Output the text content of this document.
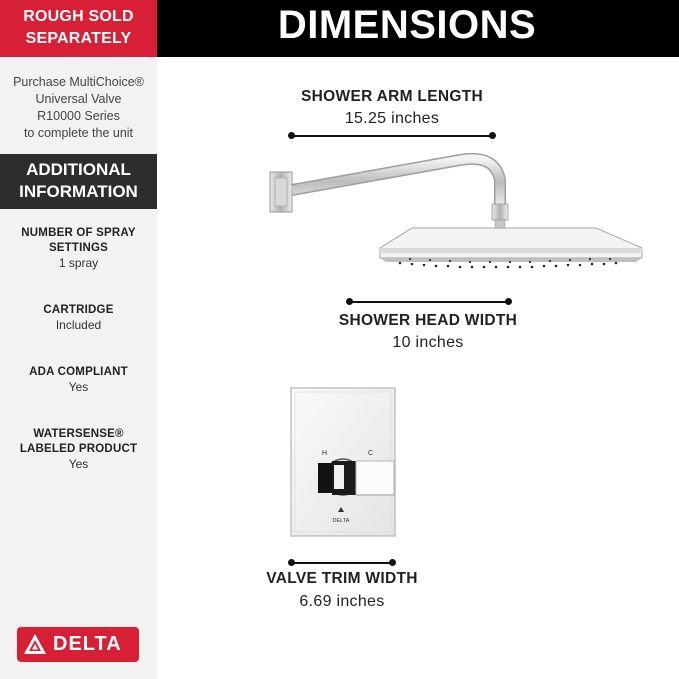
ROUGH SOLD
SEPARATELY
Purchase MultiChoice®
Universal Valve
R10000 Series
to complete the unit
ADDITIONAL
INFORMATION
NUMBER OF SPRAY
SETTINGS
1 spray
CARTRIDGE
Included
ADA COMPLIANT
Yes
WATERSENSE®
LABELED PRODUCT
Yes
DELTA
DIMENSIONS
SHOWER ARM LENGTH
15.25 inches
SHOWER HEAD WIDTH
10 inches
H	C
DELTA
VALVE TRIM WIDTH
6.69 inches
